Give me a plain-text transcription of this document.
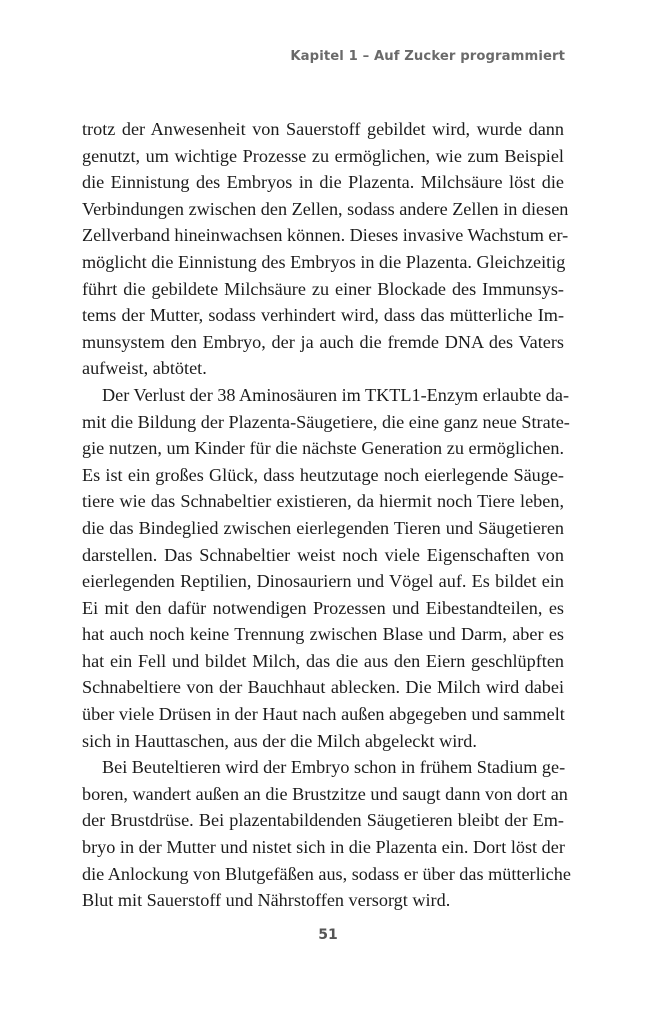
Kapitel 1 – Auf Zucker programmiert
trotz der Anwesenheit von Sauerstoff gebildet wird, wurde dann
genutzt, um wichtige Prozesse zu ermöglichen, wie zum Beispiel
die Einnistung des Embryos in die Plazenta. Milchsäure löst die
Verbindungen zwischen den Zellen, sodass andere Zellen in diesen
Zellverband hineinwachsen können. Dieses invasive Wachstum er-
möglicht die Einnistung des Embryos in die Plazenta. Gleichzeitig
führt die gebildete Milchsäure zu einer Blockade des Immunsys-
tems der Mutter, sodass verhindert wird, dass das mütterliche Im-
munsystem den Embryo, der ja auch die fremde DNA des Vaters
aufweist, abtötet.
Der Verlust der 38 Aminosäuren im TKTL1-Enzym erlaubte da-
mit die Bildung der Plazenta-Säugetiere, die eine ganz neue Strate-
gie nutzen, um Kinder für die nächste Generation zu ermöglichen.
Es ist ein großes Glück, dass heutzutage noch eierlegende Säuge-
tiere wie das Schnabeltier existieren, da hiermit noch Tiere leben,
die das Bindeglied zwischen eierlegenden Tieren und Säugetieren
darstellen. Das Schnabeltier weist noch viele Eigenschaften von
eierlegenden Reptilien, Dinosauriern und Vögel auf. Es bildet ein
Ei mit den dafür notwendigen Prozessen und Eibestandteilen, es
hat auch noch keine Trennung zwischen Blase und Darm, aber es
hat ein Fell und bildet Milch, das die aus den Eiern geschlüpften
Schnabeltiere von der Bauchhaut ablecken. Die Milch wird dabei
über viele Drüsen in der Haut nach außen abgegeben und sammelt
sich in Hauttaschen, aus der die Milch abgeleckt wird.
Bei Beuteltieren wird der Embryo schon in frühem Stadium ge-
boren, wandert außen an die Brustzitze und saugt dann von dort an
der Brustdrüse. Bei plazentabildenden Säugetieren bleibt der Em-
bryo in der Mutter und nistet sich in die Plazenta ein. Dort löst der
die Anlockung von Blutgefäßen aus, sodass er über das mütterliche
Blut mit Sauerstoff und Nährstoffen versorgt wird.
51
